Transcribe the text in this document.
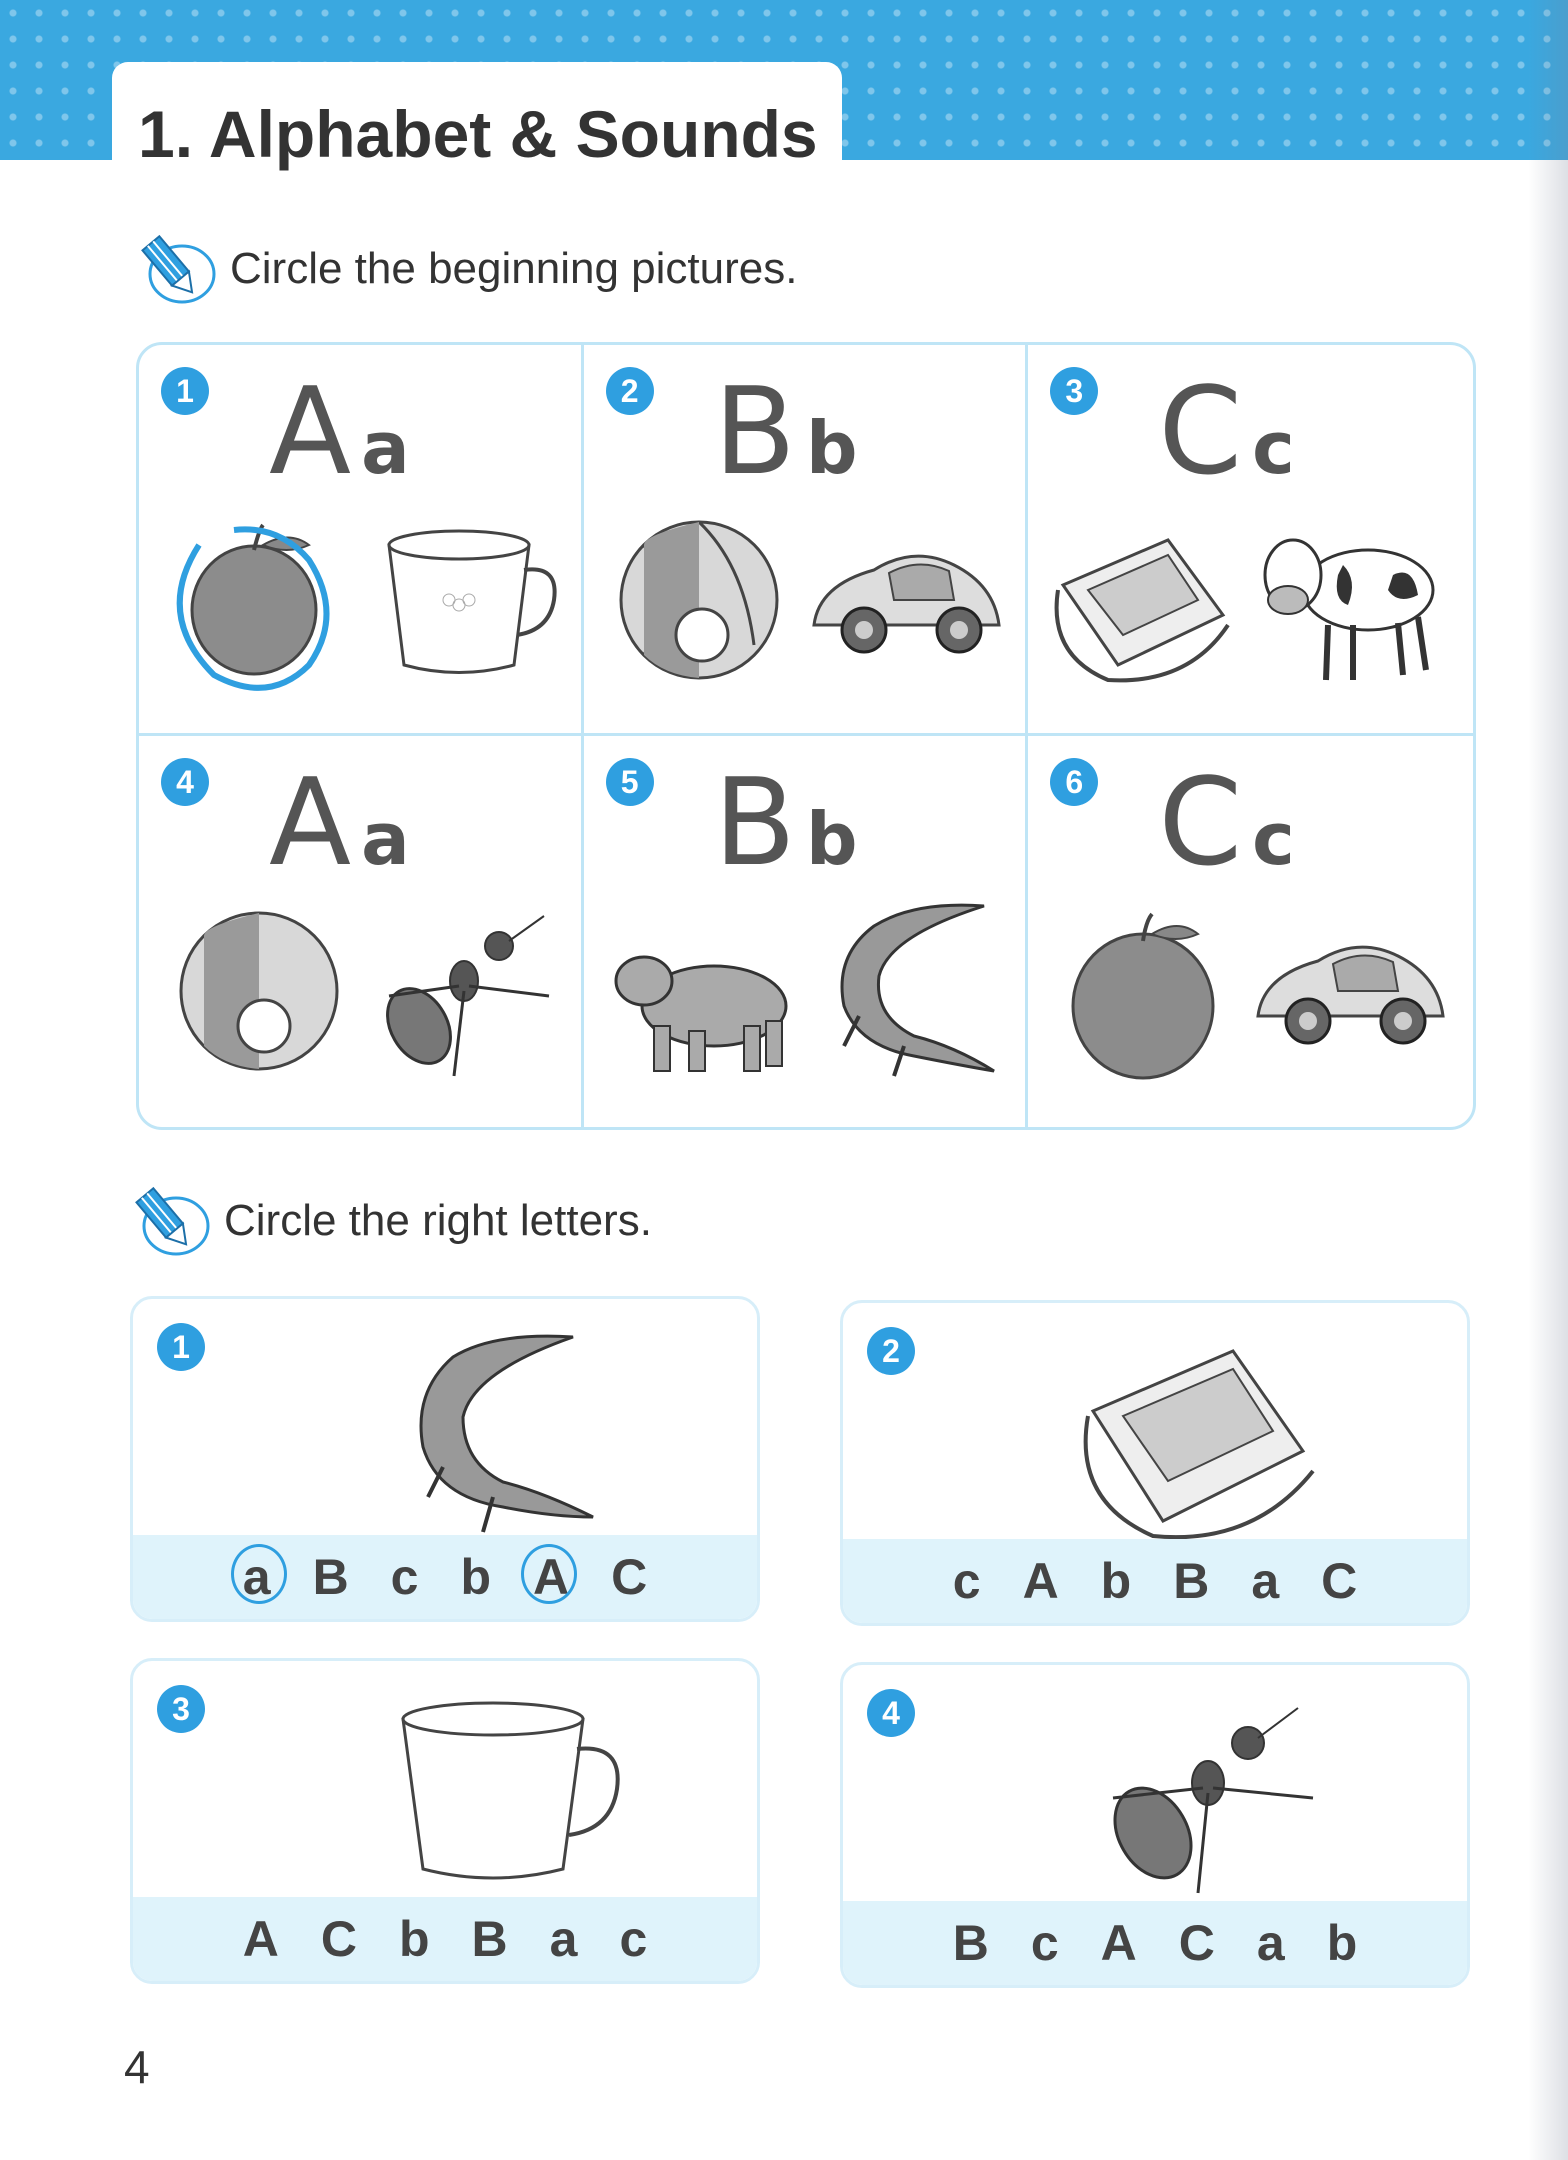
1. Alphabet & Sounds
Circle the beginning pictures.
1 Aa
2 Bb
3 Cc
4 Aa
5 Bb
6 Cc
Circle the right letters.
1
a B c b A C
2
c A b B a C
3
A C b B a c
4
B c A C a b
4
